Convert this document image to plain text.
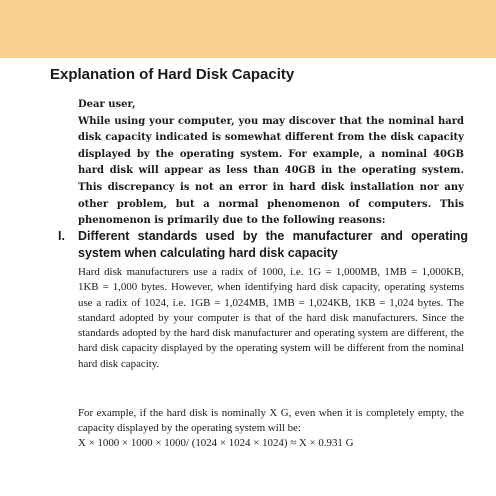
Explanation of Hard Disk Capacity

Dear user,

While using your computer, you may discover that the nominal hard disk capacity indicated is somewhat different from the disk capacity displayed by the operating system. For example, a nominal 40GB hard disk will appear as less than 40GB in the operating system. This discrepancy is not an error in hard disk installation nor any other problem, but a normal phenomenon of computers. This phenomenon is primarily due to the following reasons:

I.	Different standards used by the manufacturer and operating system when calculating hard disk capacity

Hard disk manufacturers use a radix of 1000, i.e. 1G = 1,000MB, 1MB = 1,000KB, 1KB = 1,000 bytes. However, when identifying hard disk capacity, operating systems use a radix of 1024, i.e. 1GB = 1,024MB, 1MB = 1,024KB, 1KB = 1,024 bytes. The standard adopted by your computer is that of the hard disk manufacturers. Since the standards adopted by the hard disk manufacturer and operating system are different, the hard disk capacity displayed by the operating system will be different from the nominal hard disk capacity.

For example, if the hard disk is nominally X G, even when it is completely empty, the capacity displayed by the operating system will be:

X × 1000 × 1000 × 1000/ (1024 × 1024 × 1024) ≈ X × 0.931 G
